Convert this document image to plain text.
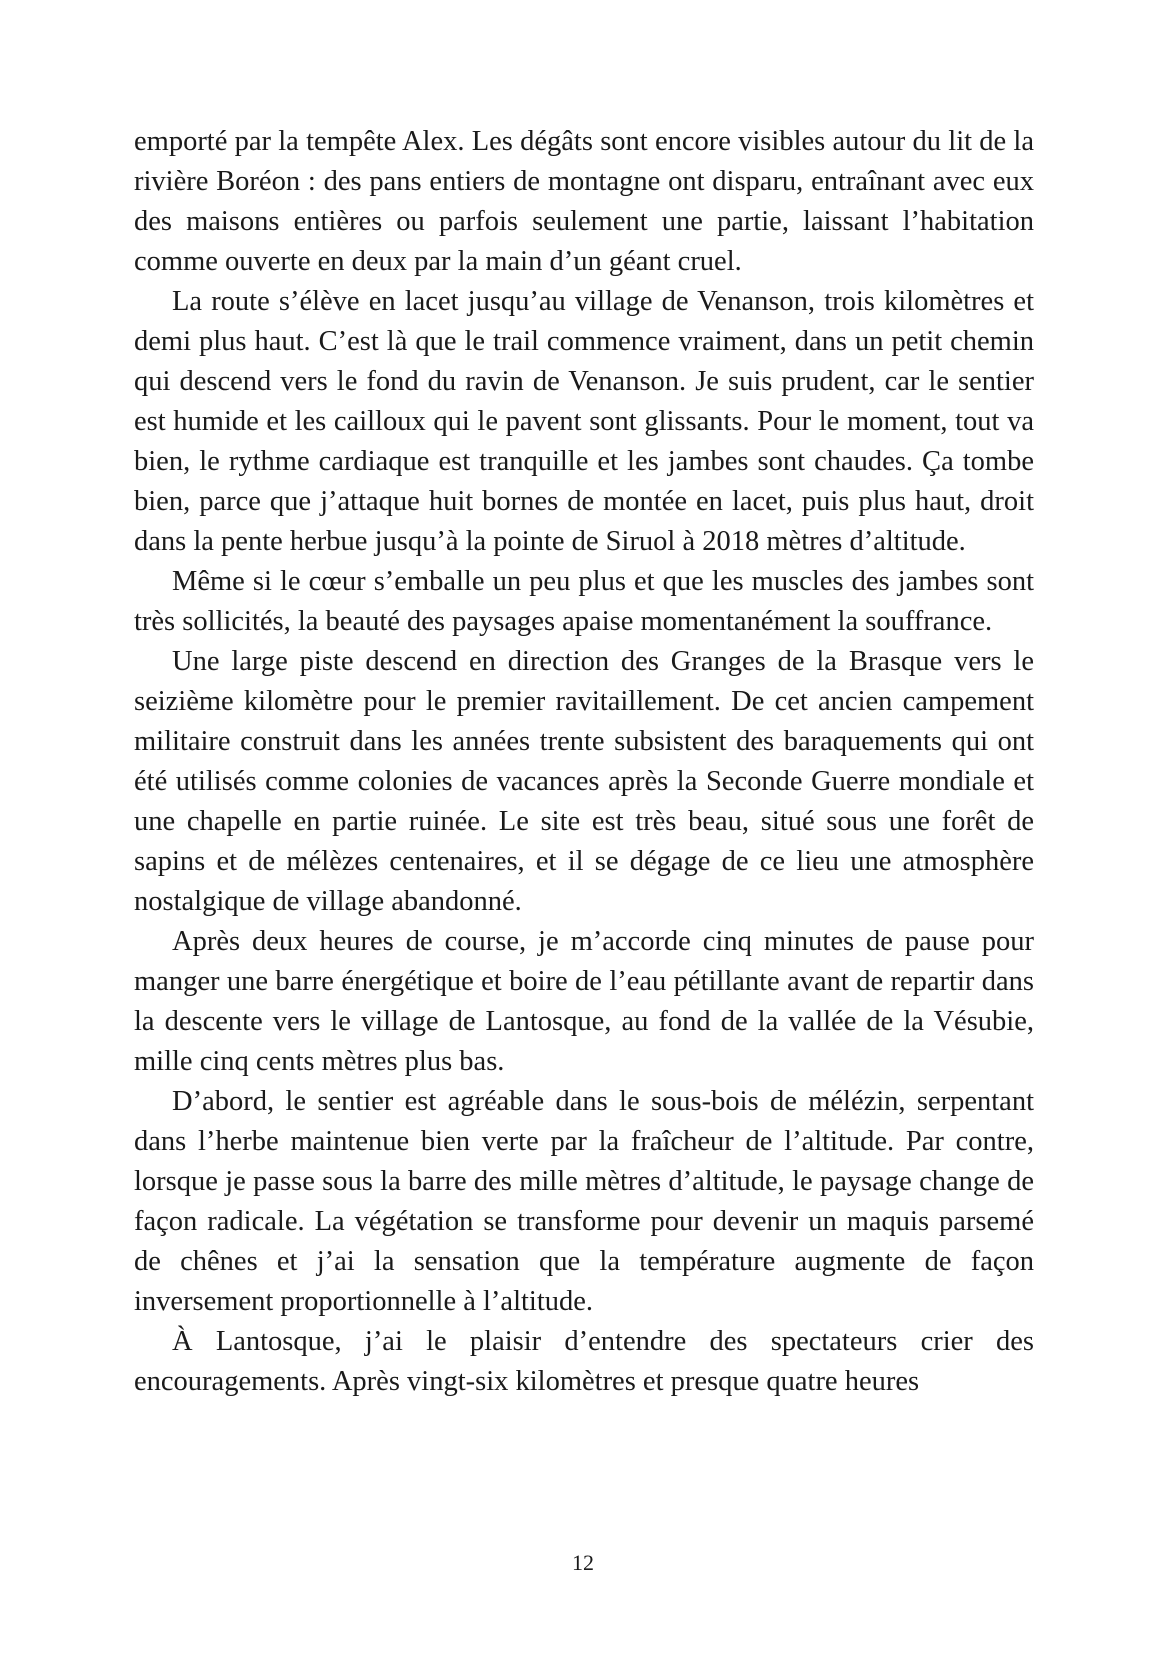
emporté par la tempête Alex. Les dégâts sont encore visibles autour du lit de la rivière Boréon : des pans entiers de montagne ont disparu, entraînant avec eux des maisons entières ou parfois seulement une partie, laissant l’habitation comme ouverte en deux par la main d’un géant cruel.

La route s’élève en lacet jusqu’au village de Venanson, trois kilomètres et demi plus haut. C’est là que le trail commence vraiment, dans un petit chemin qui descend vers le fond du ravin de Venanson. Je suis prudent, car le sentier est humide et les cailloux qui le pavent sont glissants. Pour le moment, tout va bien, le rythme cardiaque est tranquille et les jambes sont chaudes. Ça tombe bien, parce que j’attaque huit bornes de montée en lacet, puis plus haut, droit dans la pente herbue jusqu’à la pointe de Siruol à 2018 mètres d’altitude.

Même si le cœur s’emballe un peu plus et que les muscles des jambes sont très sollicités, la beauté des paysages apaise momentanément la souffrance.

Une large piste descend en direction des Granges de la Brasque vers le seizième kilomètre pour le premier ravitaillement. De cet ancien campement militaire construit dans les années trente subsistent des baraquements qui ont été utilisés comme colonies de vacances après la Seconde Guerre mondiale et une chapelle en partie ruinée. Le site est très beau, situé sous une forêt de sapins et de mélèzes centenaires, et il se dégage de ce lieu une atmosphère nostalgique de village abandonné.

Après deux heures de course, je m’accorde cinq minutes de pause pour manger une barre énergétique et boire de l’eau pétillante avant de repartir dans la descente vers le village de Lantosque, au fond de la vallée de la Vésubie, mille cinq cents mètres plus bas.

D’abord, le sentier est agréable dans le sous-bois de mélézin, serpentant dans l’herbe maintenue bien verte par la fraîcheur de l’altitude. Par contre, lorsque je passe sous la barre des mille mètres d’altitude, le paysage change de façon radicale. La végétation se transforme pour devenir un maquis parsemé de chênes et j’ai la sensation que la température augmente de façon inversement proportionnelle à l’altitude.

À Lantosque, j’ai le plaisir d’entendre des spectateurs crier des encouragements. Après vingt-six kilomètres et presque quatre heures

12
